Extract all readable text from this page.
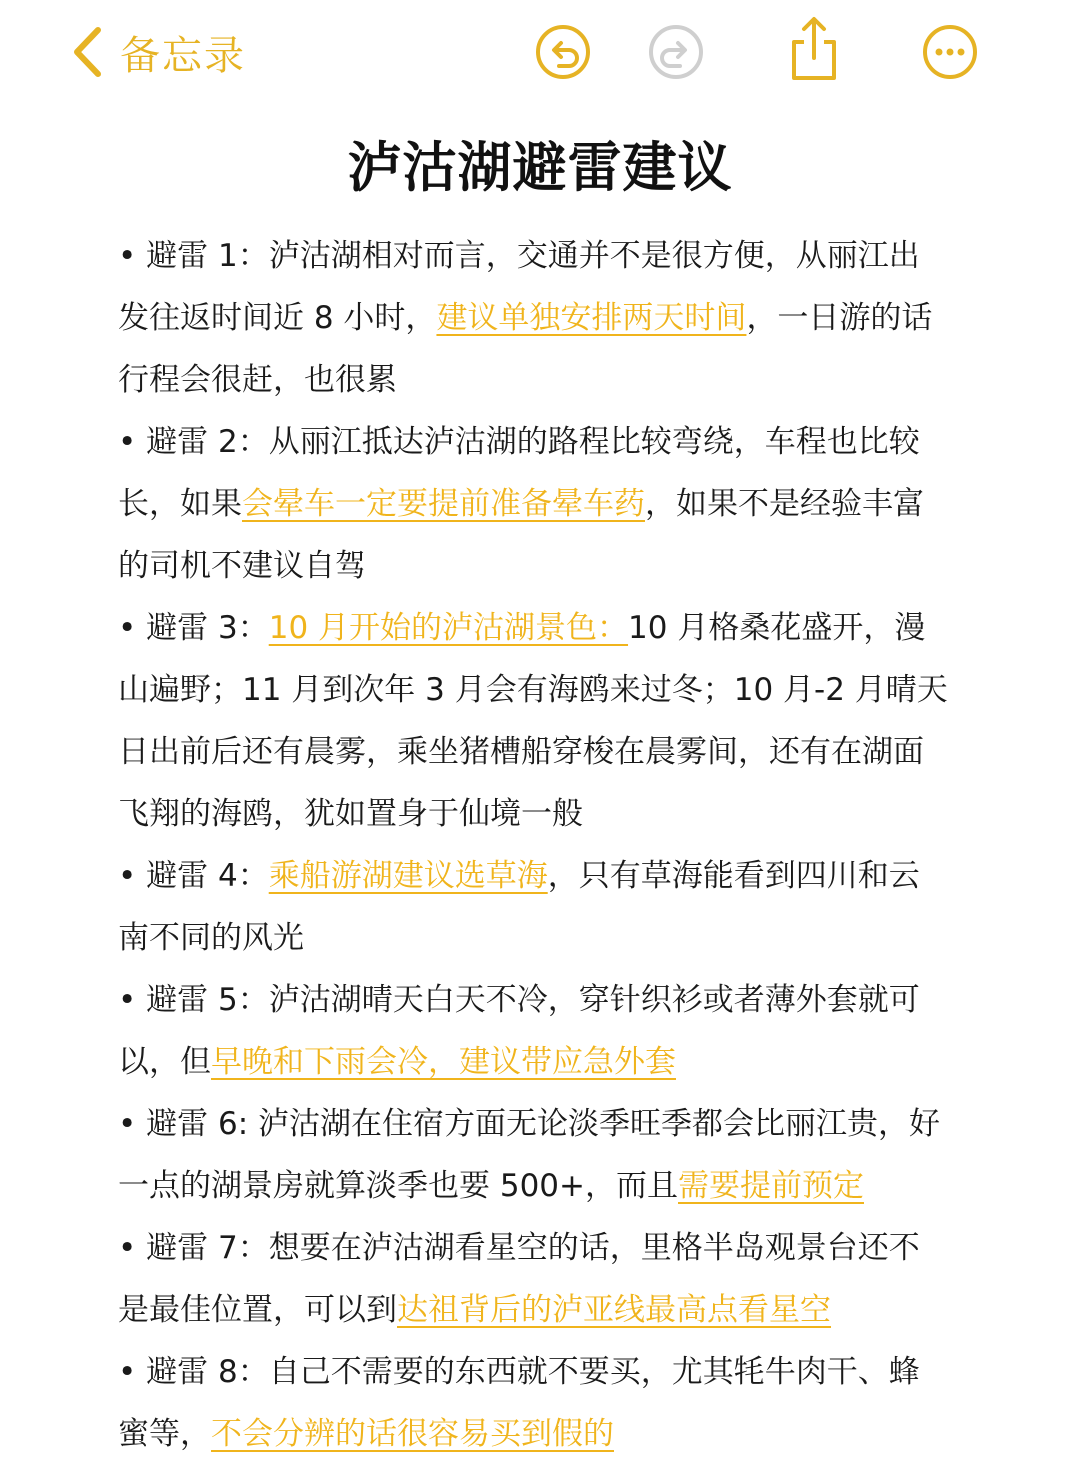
备忘录
泸沽湖避雷建议

• 避雷 1：泸沽湖相对而言，交通并不是很方便，从丽江出发往返时间近 8 小时，建议单独安排两天时间，一日游的话行程会很赶，也很累

• 避雷 2：从丽江抵达泸沽湖的路程比较弯绕，车程也比较长，如果会晕车一定要提前准备晕车药，如果不是经验丰富的司机不建议自驾

• 避雷 3：10 月开始的泸沽湖景色：10 月格桑花盛开，漫山遍野；11 月到次年 3 月会有海鸥来过冬；10 月-2 月晴天日出前后还有晨雾，乘坐猪槽船穿梭在晨雾间，还有在湖面飞翔的海鸥，犹如置身于仙境一般

• 避雷 4：乘船游湖建议选草海，只有草海能看到四川和云南不同的风光

• 避雷 5：泸沽湖晴天白天不冷，穿针织衫或者薄外套就可以，但早晚和下雨会冷，建议带应急外套

• 避雷 6: 泸沽湖在住宿方面无论淡季旺季都会比丽江贵，好一点的湖景房就算淡季也要 500+，而且需要提前预定

• 避雷 7：想要在泸沽湖看星空的话，里格半岛观景台还不是最佳位置，可以到达祖背后的泸亚线最高点看星空

• 避雷 8：自己不需要的东西就不要买，尤其牦牛肉干、蜂蜜等，不会分辨的话很容易买到假的
